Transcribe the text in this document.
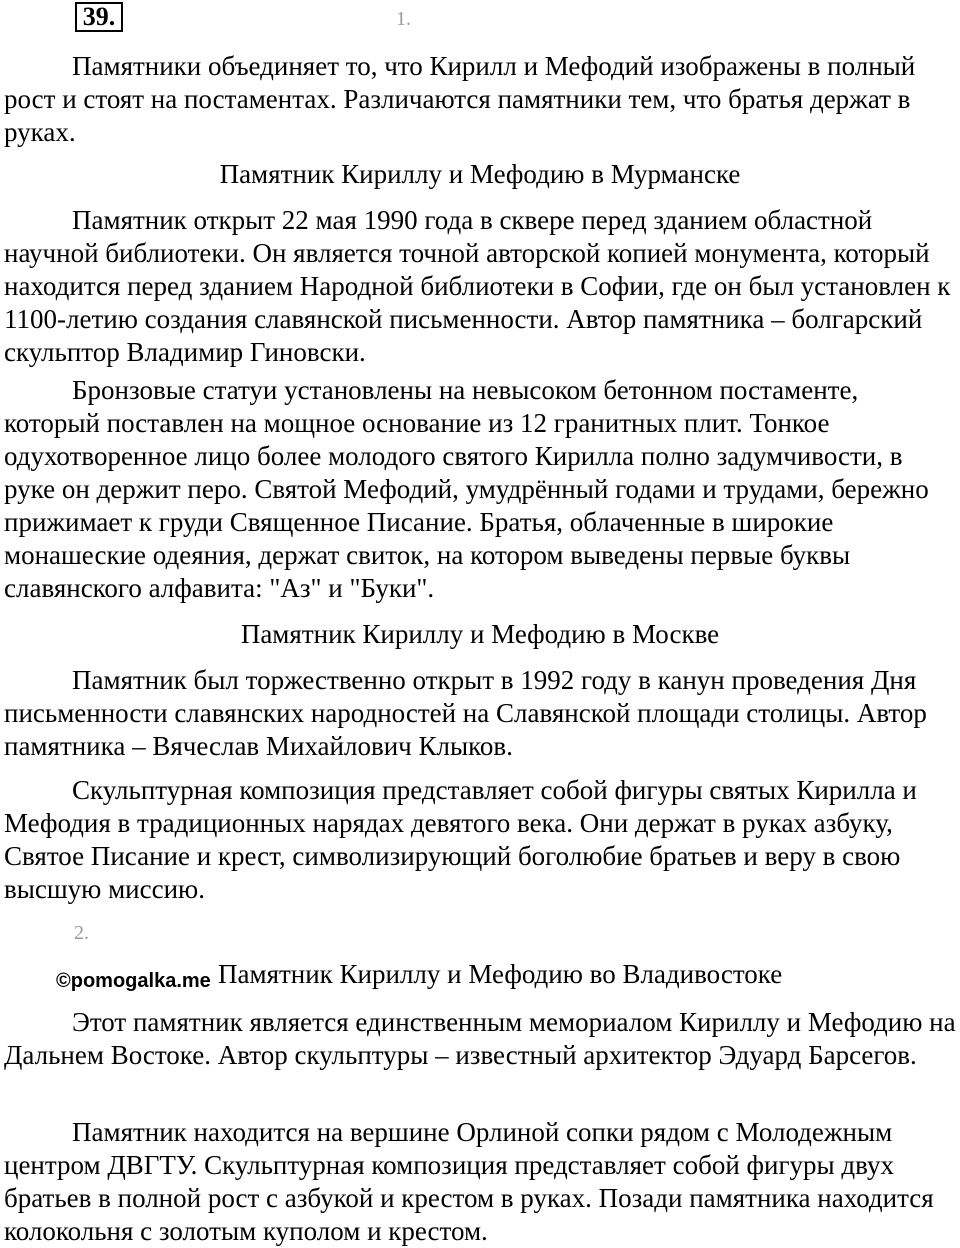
39.	1.

Памятники объединяет то, что Кирилл и Мефодий изображены в полный рост и стоят на постаментах. Различаются памятники тем, что братья держат в руках.

Памятник Кириллу и Мефодию в Мурманске

Памятник открыт 22 мая 1990 года в сквере перед зданием областной научной библиотеки. Он является точной авторской копией монумента, который находится перед зданием Народной библиотеки в Софии, где он был установлен к 1100-летию создания славянской письменности. Автор памятника – болгарский скульптор Владимир Гиновски.

Бронзовые статуи установлены на невысоком бетонном постаменте, который поставлен на мощное основание из 12 гранитных плит. Тонкое одухотворенное лицо более молодого святого Кирилла полно задумчивости, в руке он держит перо. Святой Мефодий, умудрённый годами и трудами, бережно прижимает к груди Священное Писание. Братья, облаченные в широкие монашеские одеяния, держат свиток, на котором выведены первые буквы славянского алфавита: "Аз" и "Буки".

Памятник Кириллу и Мефодию в Москве

Памятник был торжественно открыт в 1992 году в канун проведения Дня письменности славянских народностей на Славянской площади столицы. Автор памятника – Вячеслав Михайлович Клыков.

Скульптурная композиция представляет собой фигуры святых Кирилла и Мефодия в традиционных нарядах девятого века. Они держат в руках азбуку, Святое Писание и крест, символизирующий боголюбие братьев и веру в свою высшую миссию.

2.
©pomogalka.me Памятник Кириллу и Мефодию во Владивостоке

Этот памятник является единственным мемориалом Кириллу и Мефодию на Дальнем Востоке. Автор скульптуры – известный архитектор Эдуард Барсегов.

Памятник находится на вершине Орлиной сопки рядом с Молодежным центром ДВГТУ. Скульптурная композиция представляет собой фигуры двух братьев в полной рост с азбукой и крестом в руках. Позади памятника находится колокольня с золотым куполом и крестом.
